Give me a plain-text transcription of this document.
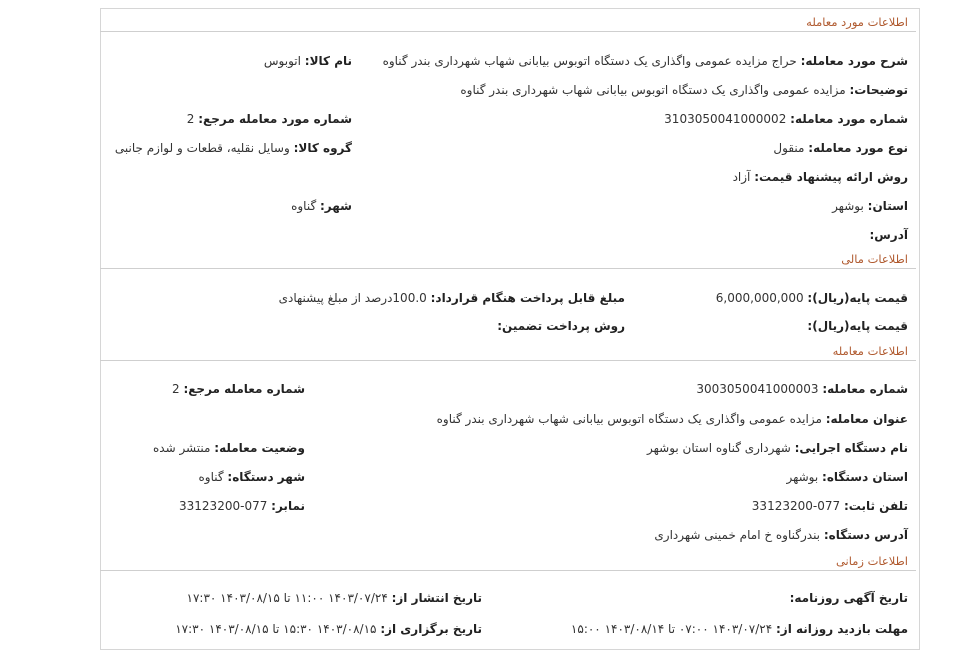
اطلاعات مورد معامله
شرح مورد معامله: حراج مزایده عمومی واگذاری یک دستگاه اتوبوس بیابانی شهاب شهرداری بندر گناوه
نام کالا: اتوبوس
توضیحات: مزایده عمومی واگذاری یک دستگاه اتوبوس بیابانی شهاب شهرداری بندر گناوه
شماره مورد معامله: 3103050041000002
شماره مورد معامله مرجع: 2
نوع مورد معامله: منقول
گروه کالا: وسایل نقلیه، قطعات و لوازم جانبی
روش ارائه پیشنهاد قیمت: آزاد
استان: بوشهر
شهر: گناوه
آدرس:
اطلاعات مالی
قیمت پایه(ریال): 6,000,000,000
مبلغ قابل پرداخت هنگام قرارداد: 100.0درصد از مبلغ پیشنهادی
قیمت پایه(ریال):
روش پرداخت تضمین:
اطلاعات معامله
شماره معامله: 3003050041000003
شماره معامله مرجع: 2
عنوان معامله: مزایده عمومی واگذاری یک دستگاه اتوبوس بیابانی شهاب شهرداری بندر گناوه
نام دستگاه اجرایی: شهرداری گناوه استان بوشهر
وضعیت معامله: منتشر شده
استان دستگاه: بوشهر
شهر دستگاه: گناوه
تلفن ثابت: 077-33123200
نمابر: 077-33123200
آدرس دستگاه: بندرگناوه خ امام خمینی شهرداری
اطلاعات زمانی
تاریخ آگهی روزنامه:
تاریخ انتشار از: ۱۴۰۳/۰۷/۲۴ ۱۱:۰۰ تا ۱۴۰۳/۰۸/۱۵ ۱۷:۳۰
مهلت بازدید روزانه از: ۱۴۰۳/۰۷/۲۴ ۰۷:۰۰ تا ۱۴۰۳/۰۸/۱۴ ۱۵:۰۰
تاریخ برگزاری از: ۱۴۰۳/۰۸/۱۵ ۱۵:۳۰ تا ۱۴۰۳/۰۸/۱۵ ۱۷:۳۰
